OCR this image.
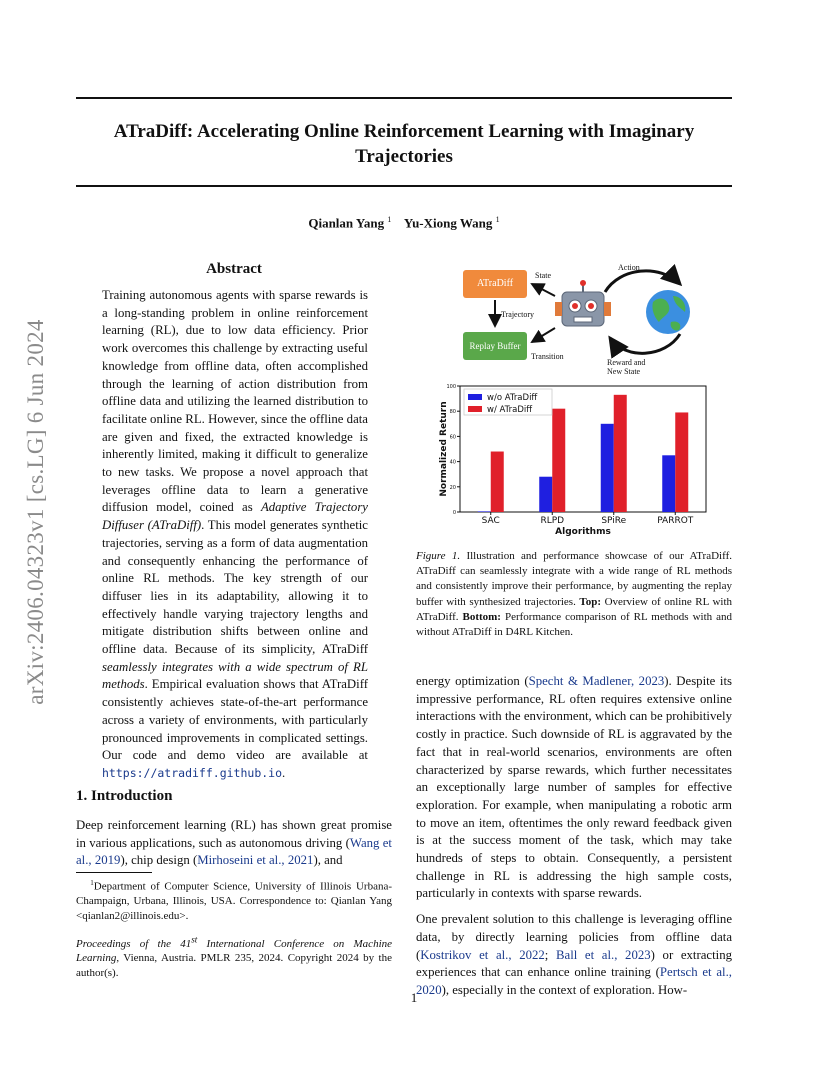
ATraDiff: Accelerating Online Reinforcement Learning with Imaginary Trajectories
Qianlan Yang $^1$ Yu-Xiong Wang $^1$
arXiv:2406.04323v1 [cs.LG] 6 Jun 2024
Abstract
Training autonomous agents with sparse rewards is a long-standing problem in online reinforcement learning (RL), due to low data efficiency. Prior work overcomes this challenge by extracting useful knowledge from offline data, often accomplished through the learning of action distribution from offline data and utilizing the learned distribution to facilitate online RL. However, since the offline data are given and fixed, the extracted knowledge is inherently limited, making it difficult to generalize to new tasks. We propose a novel approach that leverages offline data to learn a generative diffusion model, coined as Adaptive Trajectory Diffuser (ATraDiff). This model generates synthetic trajectories, serving as a form of data augmentation and consequently enhancing the performance of online RL methods. The key strength of our diffuser lies in its adaptability, allowing it to effectively handle varying trajectory lengths and mitigate distribution shifts between online and offline data. Because of its simplicity, ATraDiff seamlessly integrates with a wide spectrum of RL methods. Empirical evaluation shows that ATraDiff consistently achieves state-of-the-art performance across a variety of environments, with particularly pronounced improvements in complicated settings. Our code and demo video are available at https://atradiff.github.io.
1. Introduction
Deep reinforcement learning (RL) has shown great promise in various applications, such as autonomous driving (Wang et al., 2019), chip design (Mirhoseini et al., 2021), and
$^1$Department of Computer Science, University of Illinois Urbana-Champaign, Urbana, Illinois, USA. Correspondence to: Qianlan Yang <qianlan2@illinois.edu>.
Proceedings of the 41st International Conference on Machine Learning, Vienna, Austria. PMLR 235, 2024. Copyright 2024 by the author(s).
ATraDiff
Replay Buffer
State
Action
Trajectory
Transition
Reward and
New State
0
20
40
60
80
100
Normalized Return
SAC	RLPD	SPiRe	PARROT
Algorithms
w/o ATraDiff
w/ ATraDiff
Figure 1. Illustration and performance showcase of our ATraDiff. ATraDiff can seamlessly integrate with a wide range of RL methods and consistently improve their performance, by augmenting the replay buffer with synthesized trajectories. Top: Overview of online RL with ATraDiff. Bottom: Performance comparison of RL methods with and without ATraDiff in D4RL Kitchen.

energy optimization (Specht & Madlener, 2023). Despite its impressive performance, RL often requires extensive online interactions with the environment, which can be prohibitively costly in practice. Such downside of RL is aggravated by the fact that in real-world scenarios, environments are often characterized by sparse rewards, which further necessitates an exceptionally large number of samples for effective exploration. For example, when manipulating a robotic arm to move an item, oftentimes the only reward feedback given is at the success moment of the task, which may take hundreds of steps to obtain. Consequently, a persistent challenge in RL is addressing the high sample costs, particularly in contexts with sparse rewards.

One prevalent solution to this challenge is leveraging offline data, by directly learning policies from offline data (Kostrikov et al., 2022; Ball et al., 2023) or extracting experiences that can enhance online training (Pertsch et al., 2020), especially in the context of exploration. How-

1
